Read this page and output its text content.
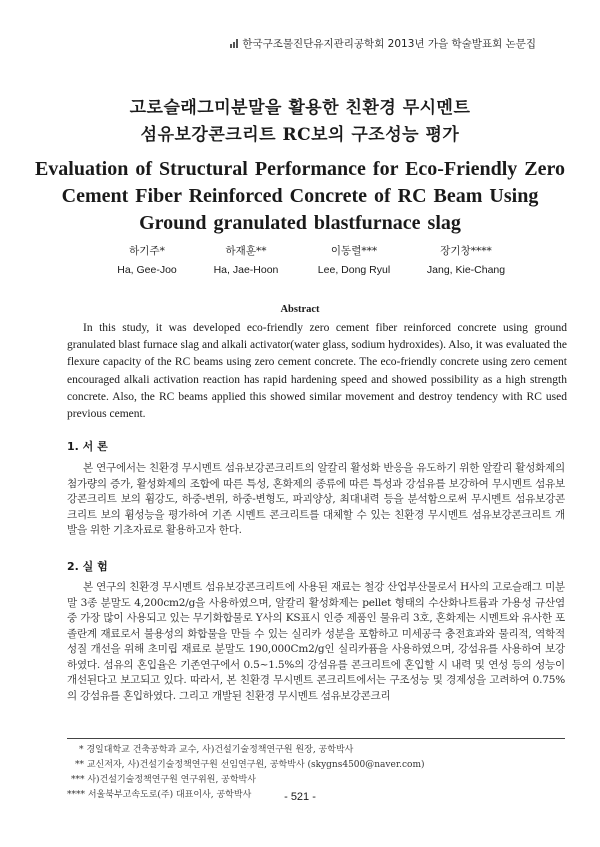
한국구조물진단유지관리공학회 2013년 가을 학술발표회 논문집
고로슬래그미분말을 활용한 친환경 무시멘트
섬유보강콘크리트 RC보의 구조성능 평가
Evaluation of Structural Performance for Eco-Friendly Zero
Cement Fiber Reinforced Concrete of RC Beam Using
Ground granulated blastfurnace slag
하기주*
Ha, Gee-Joo
하재훈**
Ha, Jae-Hoon
이동렬***
Lee, Dong Ryul
장기창****
Jang, Kie-Chang
Abstract

In this study, it was developed eco-friendly zero cement fiber reinforced concrete using ground granulated blast furnace slag and alkali activator(water glass, sodium hydroxides). Also, it was evaluated the flexure capacity of the RC beams using zero cement concrete. The eco-friendly concrete using zero cement encouraged alkali activation reaction has rapid hardening speed and showed possibility as a high strength concrete. Also, the RC beams applied this showed similar movement and destroy tendency with RC used previous cement.

1. 서 론

본 연구에서는 친환경 무시멘트 섬유보강콘크리트의 알칼리 활성화 반응을 유도하기 위한 알칼리 활성화제의 첨가량의 증가, 활성화제의 조합에 따른 특성, 혼화제의 종류에 따른 특성과 강섬유를 보강하여 무시멘트 섬유보강콘크리트 보의 휨강도, 하중-변위, 하중-변형도, 파괴양상, 최대내력 등을 분석함으로써 무시멘트 섬유보강콘크리트 보의 휨성능을 평가하여 기존 시멘트 콘크리트를 대체할 수 있는 친환경 무시멘트 섬유보강콘크리트 개발을 위한 기초자료로 활용하고자 한다.

2. 실 험

본 연구의 친환경 무시멘트 섬유보강콘크리트에 사용된 재료는 철강 산업부산물로서 H사의 고로슬래그 미분말 3종 분말도 4,200cm2/g을 사용하였으며, 알칼리 활성화제는 pellet 형태의 수산화나트륨과 가용성 규산염 중 가장 많이 사용되고 있는 무기화합물로 Y사의 KS표시 인증 제품인 물유리 3호, 혼화제는 시멘트와 유사한 포졸란계 재료로서 불용성의 화합물을 만들 수 있는 실리카 성분을 포함하고 미세공극 충전효과와 물리적, 역학적 성질 개선을 위해 초미립 재료로 분말도 190,000Cm2/g인 실리카퓸을 사용하였으며, 강섬유를 사용하여 보강하였다. 섬유의 혼입율은 기존연구에서 0.5~1.5%의 강섬유를 콘크리트에 혼입할 시 내력 및 연성 등의 성능이 개선된다고 보고되고 있다. 따라서, 본 친환경 무시멘트 콘크리트에서는 구조성능 및 경제성을 고려하여 0.75%의 강섬유를 혼입하였다. 그리고 개발된 친환경 무시멘트 섬유보강콘크리

* 경일대학교 건축공학과 교수, 사)건설기술정책연구원 원장, 공학박사
** 교신저자, 사)건설기술정책연구원 선임연구원, 공학박사 (skygns4500@naver.com)
*** 사)건설기술정책연구원 연구위원, 공학박사
**** 서울북부고속도로(주) 대표이사, 공학박사	- 521 -
